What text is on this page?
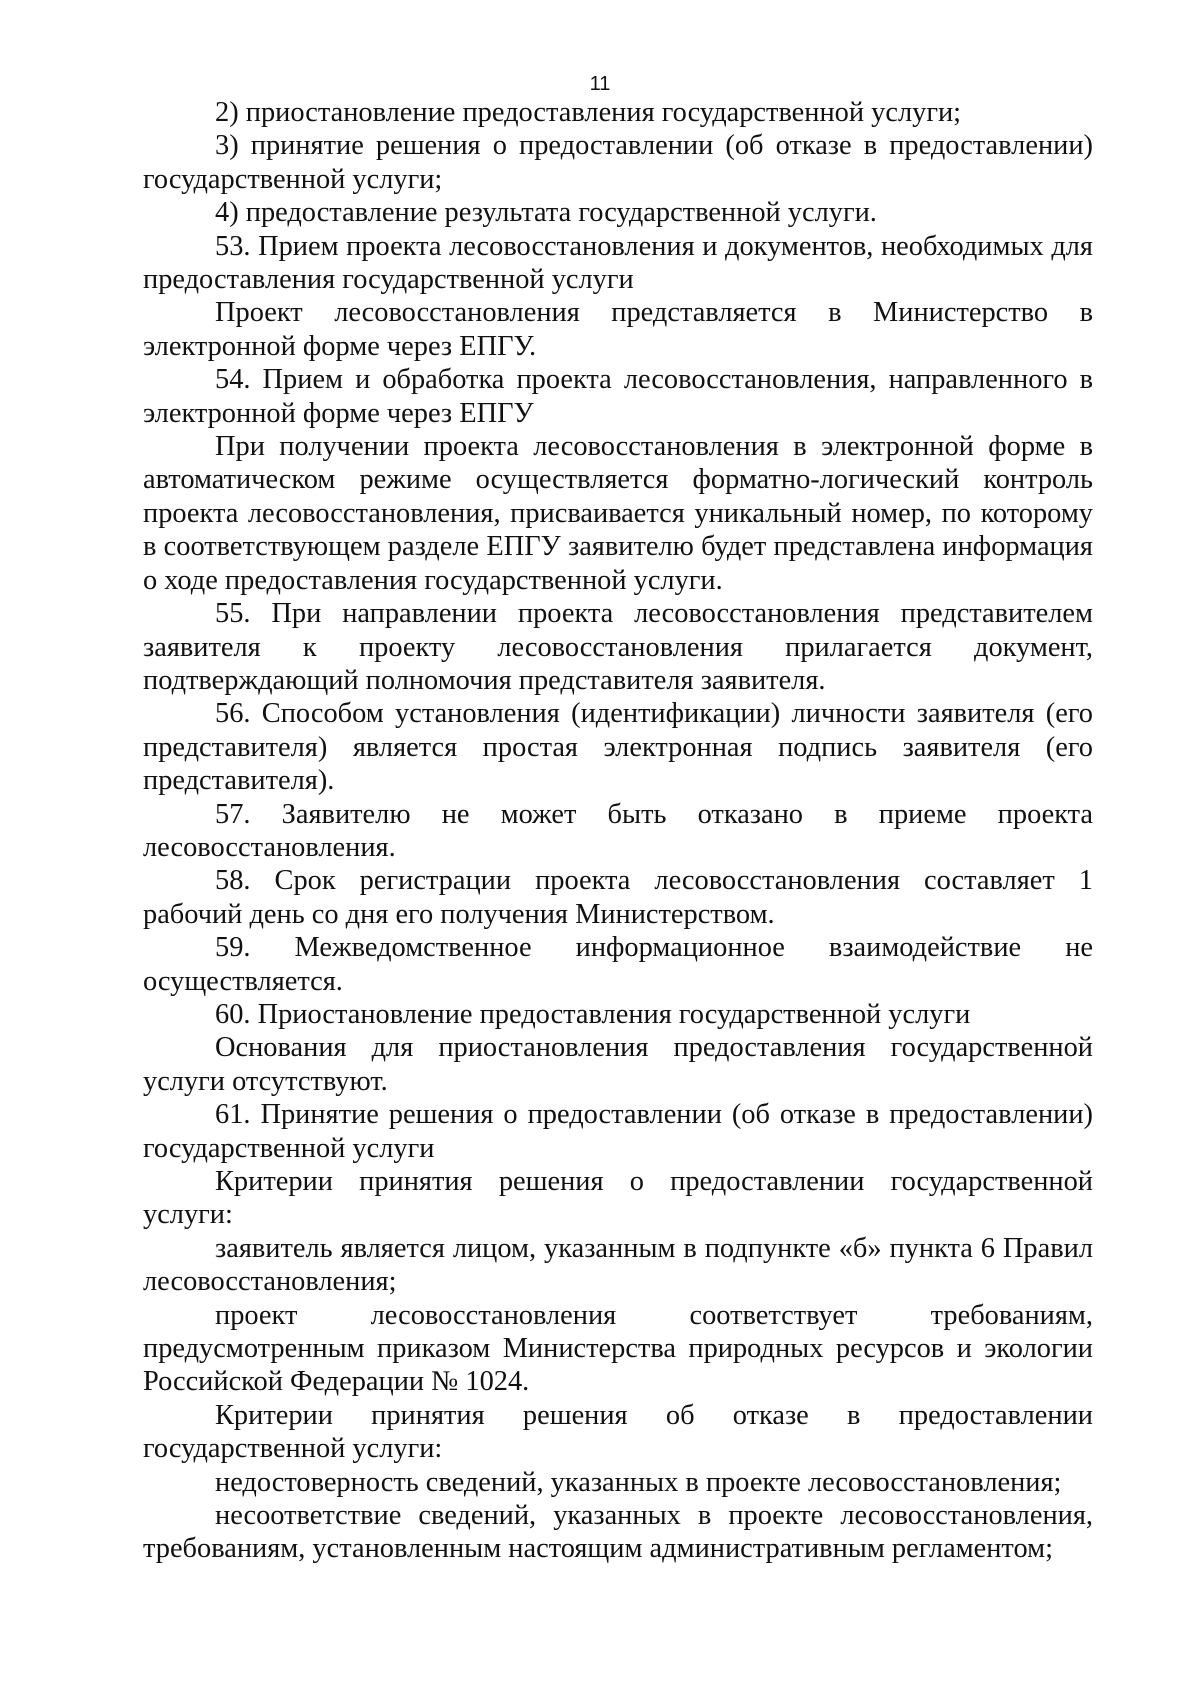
11

2) приостановление предоставления государственной услуги;

3) принятие решения о предоставлении (об отказе в предоставлении) государственной услуги;

4) предоставление результата государственной услуги.

53. Прием проекта лесовосстановления и документов, необходимых для предоставления государственной услуги

Проект лесовосстановления представляется в Министерство в электронной форме через ЕПГУ.

54. Прием и обработка проекта лесовосстановления, направленного в электронной форме через ЕПГУ

При получении проекта лесовосстановления в электронной форме в автоматическом режиме осуществляется форматно-логический контроль проекта лесовосстановления, присваивается уникальный номер, по которому в соответствующем разделе ЕПГУ заявителю будет представлена информация о ходе предоставления государственной услуги.

55. При направлении проекта лесовосстановления представителем заявителя к проекту лесовосстановления прилагается документ, подтверждающий полномочия представителя заявителя.

56. Способом установления (идентификации) личности заявителя (его представителя) является простая электронная подпись заявителя (его представителя).

57. Заявителю не может быть отказано в приеме проекта лесовосстановления.

58. Срок регистрации проекта лесовосстановления составляет 1 рабочий день со дня его получения Министерством.

59. Межведомственное информационное взаимодействие не осуществляется.

60. Приостановление предоставления государственной услуги

Основания для приостановления предоставления государственной услуги отсутствуют.

61. Принятие решения о предоставлении (об отказе в предоставлении) государственной услуги

Критерии принятия решения о предоставлении государственной услуги:

заявитель является лицом, указанным в подпункте «б» пункта 6 Правил лесовосстановления;

проект лесовосстановления соответствует требованиям, предусмотренным приказом Министерства природных ресурсов и экологии Российской Федерации № 1024.

Критерии принятия решения об отказе в предоставлении государственной услуги:

недостоверность сведений, указанных в проекте лесовосстановления;

несоответствие сведений, указанных в проекте лесовосстановления, требованиям, установленным настоящим административным регламентом;
